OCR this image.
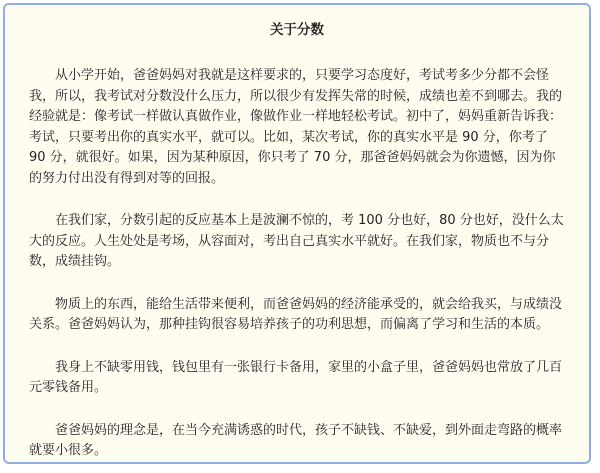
关于分数

从小学开始，爸爸妈妈对我就是这样要求的，只要学习态度好，考试考多少分都不会怪我，所以，我考试对分数没什么压力，所以很少有发挥失常的时候，成绩也差不到哪去。我的经验就是：像考试一样做认真做作业，像做作业一样地轻松考试。初中了，妈妈重新告诉我：考试，只要考出你的真实水平，就可以。比如，某次考试，你的真实水平是 90 分，你考了 90 分，就很好。如果，因为某种原因，你只考了 70 分，那爸爸妈妈就会为你遗憾，因为你的努力付出没有得到对等的回报。

在我们家，分数引起的反应基本上是波澜不惊的，考 100 分也好，80 分也好，没什么太大的反应。人生处处是考场，从容面对，考出自己真实水平就好。在我们家，物质也不与分数，成绩挂钩。

物质上的东西，能给生活带来便利，而爸爸妈妈的经济能承受的，就会给我买，与成绩没关系。爸爸妈妈认为，那种挂钩很容易培养孩子的功利思想，而偏离了学习和生活的本质。

我身上不缺零用钱，钱包里有一张银行卡备用，家里的小盒子里，爸爸妈妈也常放了几百元零钱备用。

爸爸妈妈的理念是，在当今充满诱惑的时代，孩子不缺钱、不缺爱，到外面走弯路的概率就要小很多。
